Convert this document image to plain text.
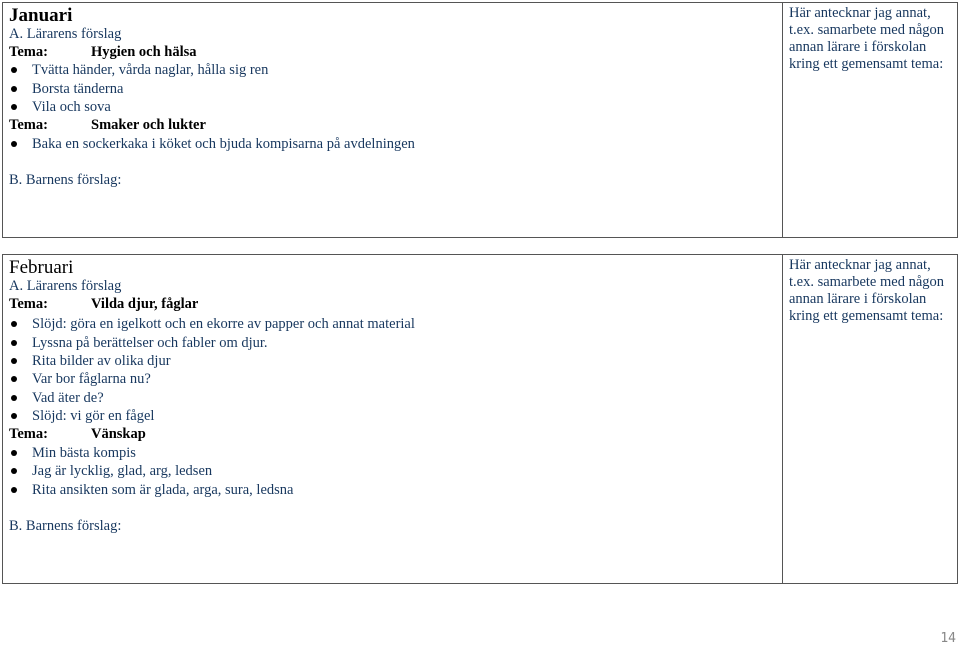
Januari
A. Lärarens förslag
Tema:	Hygien och hälsa
Tvätta händer, vårda naglar, hålla sig ren
Borsta tänderna
Vila och sova
Tema:	Smaker och lukter
Baka en sockerkaka i köket och bjuda kompisarna på avdelningen
B. Barnens förslag:
Här antecknar jag annat, t.ex. samarbete med någon annan lärare i förskolan kring ett gemensamt tema:
Februari
A. Lärarens förslag
Tema:	Vilda djur, fåglar
Slöjd: göra en igelkott och en ekorre av papper och annat material
Lyssna på berättelser och fabler om djur.
Rita bilder av olika djur
Var bor fåglarna nu?
Vad äter de?
Slöjd: vi gör en fågel
Tema:	Vänskap
Min bästa kompis
Jag är lycklig, glad, arg, ledsen
Rita ansikten som är glada, arga, sura, ledsna
B. Barnens förslag:
Här antecknar jag annat, t.ex. samarbete med någon annan lärare i förskolan kring ett gemensamt tema:
14
